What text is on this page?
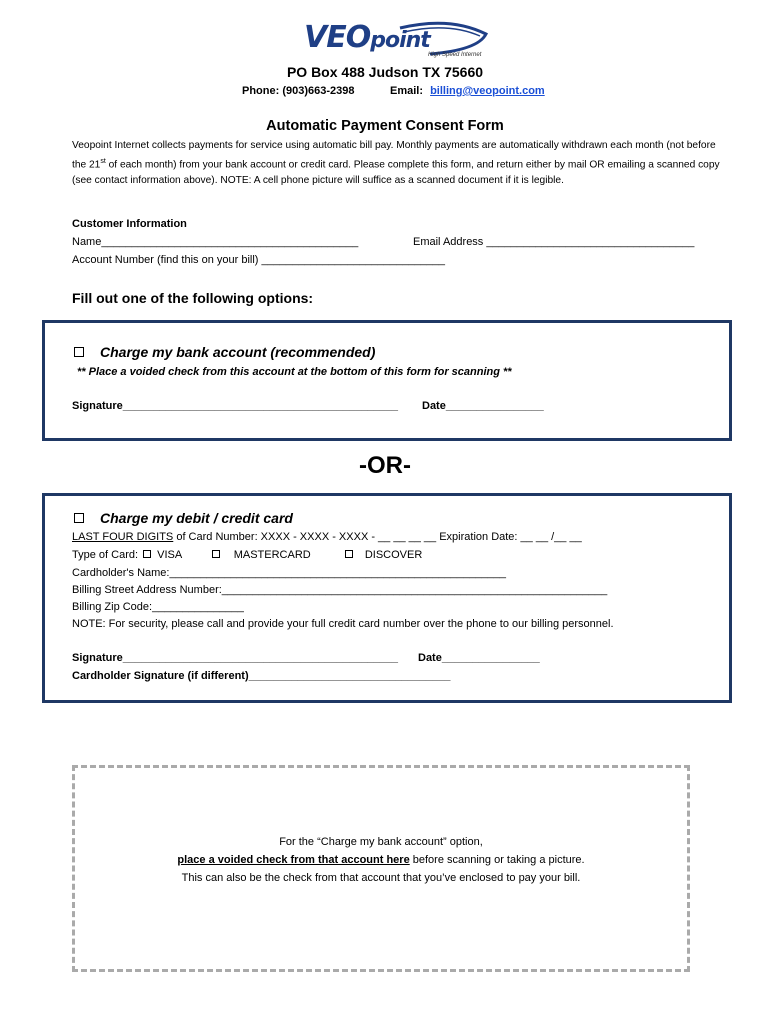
VEOpoint
High Speed Internet
PO Box 488 Judson TX 75660
Phone: (903)663-2398	Email: billing@veopoint.com
Automatic Payment Consent Form
Veopoint Internet collects payments for service using automatic bill pay. Monthly payments are automatically withdrawn each month (not before the 21st of each month) from your bank account or credit card. Please complete this form, and return either by mail OR emailing a scanned copy (see contact information above). NOTE: A cell phone picture will suffice as a scanned document if it is legible.
Customer Information
Name__________________________________________	Email Address __________________________________
Account Number (find this on your bill) ______________________________
Fill out one of the following options:
Charge my bank account (recommended)
** Place a voided check from this account at the bottom of this form for scanning **
Signature_____________________________________________ Date________________
-OR-
Charge my debit / credit card
LAST FOUR DIGITS of Card Number: XXXX - XXXX - XXXX - __ __ __ __ Expiration Date: __ __ /__ __
Type of Card: VISA	MASTERCARD	DISCOVER
Cardholder's Name:_______________________________________________________
Billing Street Address Number:_______________________________________________________________
Billing Zip Code:_______________
NOTE: For security, please call and provide your full credit card number over the phone to our billing personnel.
Signature_____________________________________________ Date________________
Cardholder Signature (if different)_________________________________
For the “Charge my bank account” option,
place a voided check from that account here before scanning or taking a picture.
This can also be the check from that account that you’ve enclosed to pay your bill.
